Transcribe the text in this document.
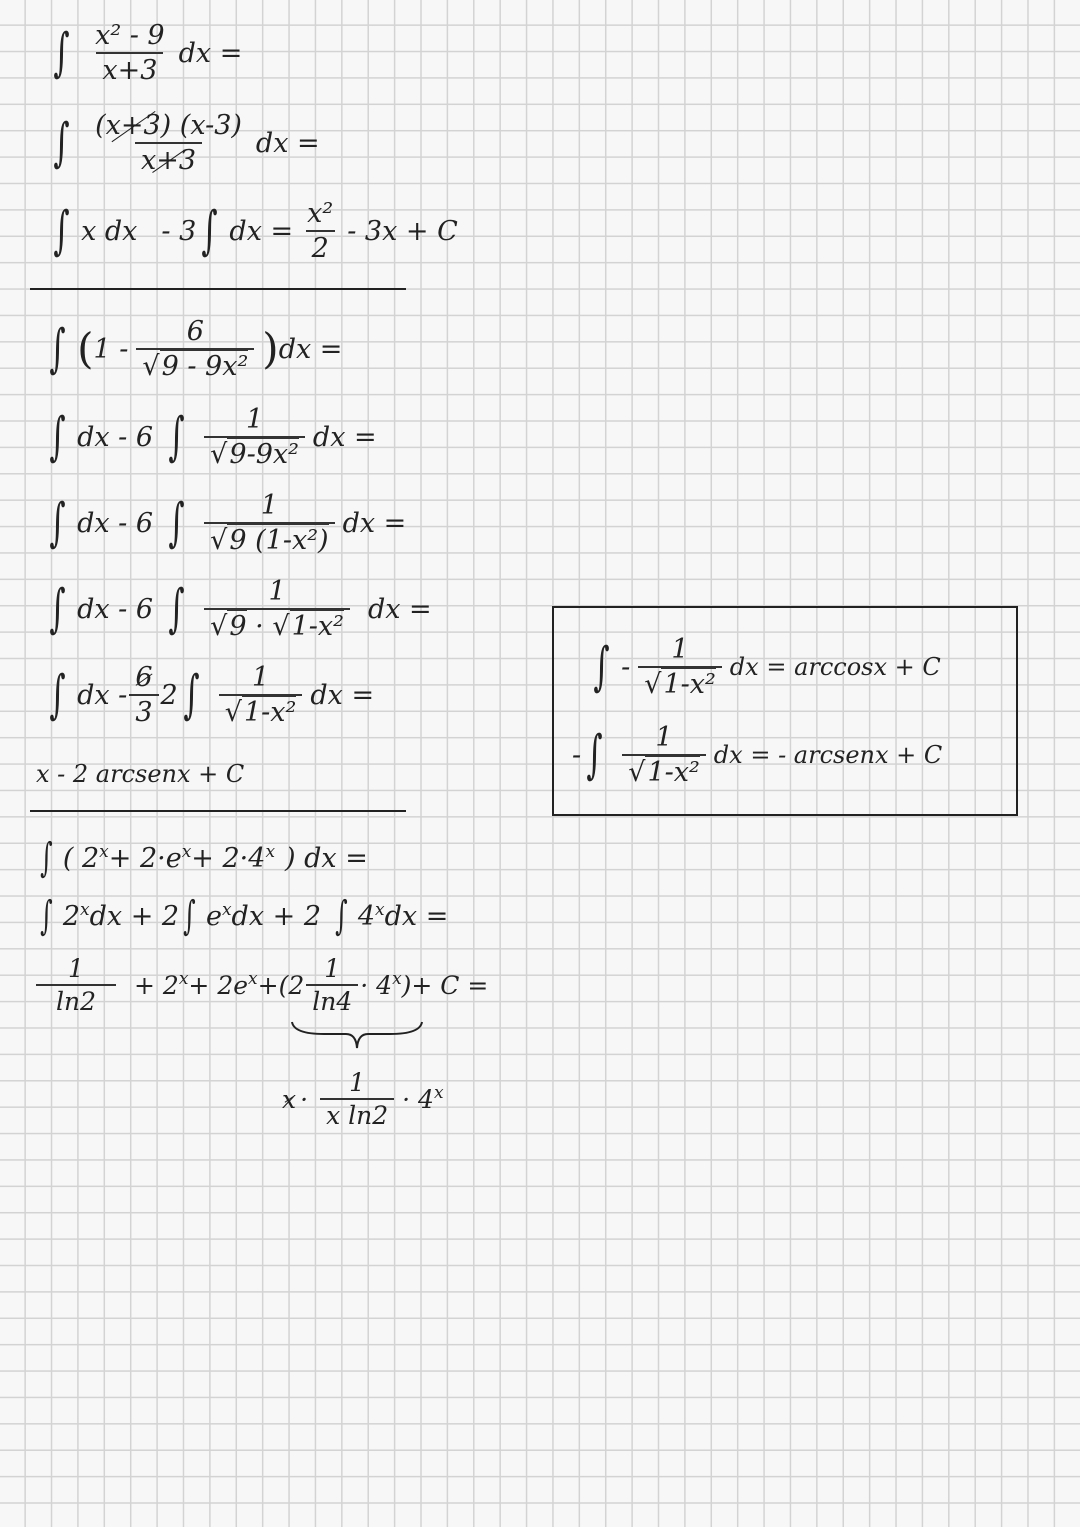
∫ $\frac{\text{x² - 9}}{x+3}$ dx =
∫ $\frac{(x+3) (x-3)}{x+3}$ dx =
∫ x dx - 3 ∫ dx = $\frac{\text{x²}}{2} - 3x + C$
∫ ( $1 - \frac{6}{\text{√9 - 9x²}}$ ) dx =
∫ dx - 6 ∫ $\frac{1}{\text{√9-9x²}}$ dx =
∫ dx - 6 ∫ $\frac{1}{\text{√9 (1-x²)}}$ dx =
∫ dx - 6 ∫ $\frac{1}{\text{√9 · √1-x²}}$ dx =
∫ dx - $\frac{6}{3} 2$ ∫ $\frac{1}{\text{√1-x²}}$ dx =
x - 2 arcsenx + C
∫ - $\frac{1}{\text{√1-x²}}$ dx = arccosx + C
- ∫ $\frac{1}{\text{√1-x²}}$ dx = - arcsenx + C
∫ ( 2 x + 2·e x + 2·4 x ) dx =
∫ 2 x dx + 2 ∫ e x dx + 2 ∫ 4 x dx =
$\frac{1}{\ln 2} + 2$ x + 2e $x +(2 \frac{1}{\ln 4} \cdot 4$ x )+ C =
$x \cdot \frac{1}{\text{x ln2}} \cdot 4$ x
